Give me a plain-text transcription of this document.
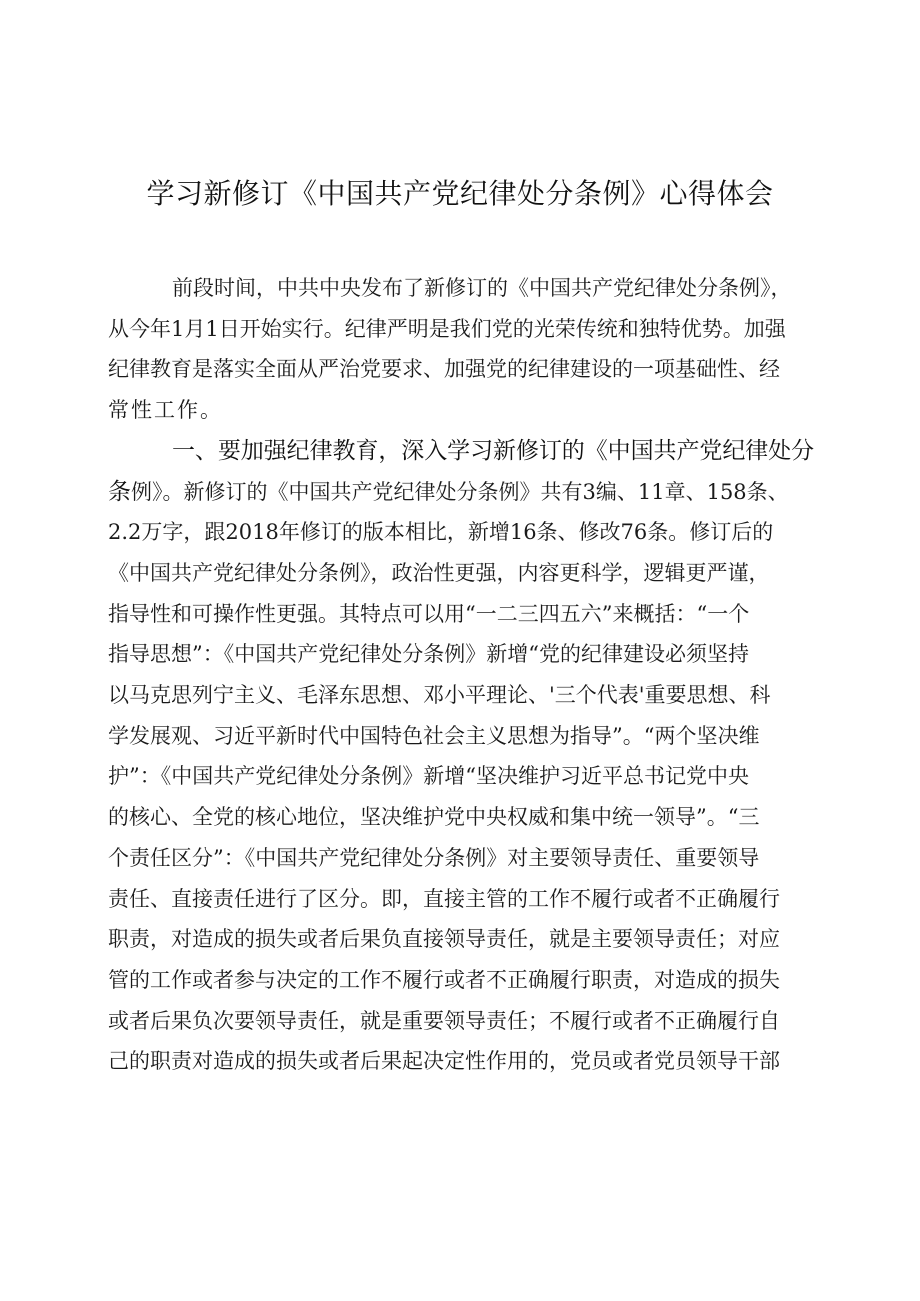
学习新修订《中国共产党纪律处分条例》心得体会
前段时间，中共中央发布了新修订的《中国共产党纪律处分条例》，
从今年1月1日开始实行。纪律严明是我们党的光荣传统和独特优势。加强
纪律教育是落实全面从严治党要求、加强党的纪律建设的一项基础性、经
常性工作。
一、要加强纪律教育，深入学习新修订的《中国共产党纪律处分
条例》。新修订的《中国共产党纪律处分条例》共有3编、11章、158条、
2.2万字，跟2018年修订的版本相比，新增16条、修改76条。修订后的
《中国共产党纪律处分条例》，政治性更强，内容更科学，逻辑更严谨，
指导性和可操作性更强。其特点可以用“一二三四五六”来概括：“一个
指导思想”：《中国共产党纪律处分条例》新增“党的纪律建设必须坚持
以马克思列宁主义、毛泽东思想、邓小平理论、'三个代表'重要思想、科
学发展观、习近平新时代中国特色社会主义思想为指导”。“两个坚决维
护”：《中国共产党纪律处分条例》新增“坚决维护习近平总书记党中央
的核心、全党的核心地位，坚决维护党中央权威和集中统一领导”。“三
个责任区分”：《中国共产党纪律处分条例》对主要领导责任、重要领导
责任、直接责任进行了区分。即，直接主管的工作不履行或者不正确履行
职责，对造成的损失或者后果负直接领导责任，就是主要领导责任；对应
管的工作或者参与决定的工作不履行或者不正确履行职责，对造成的损失
或者后果负次要领导责任，就是重要领导责任；不履行或者不正确履行自
己的职责对造成的损失或者后果起决定性作用的，党员或者党员领导干部
